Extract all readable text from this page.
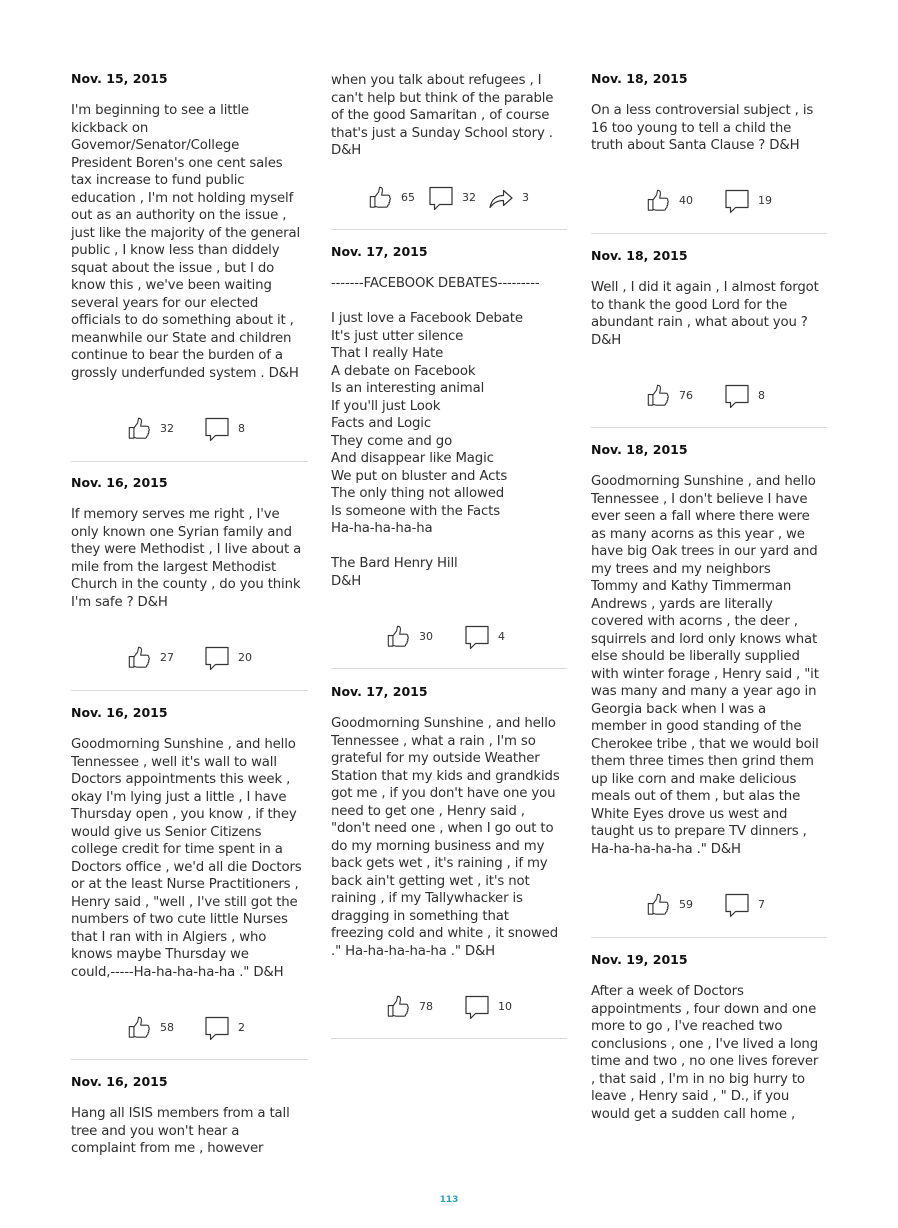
Nov. 15, 2015
I'm beginning to see a little
kickback on
Govemor/Senator/College
President Boren's one cent sales
tax increase to fund public
education , I'm not holding myself
out as an authority on the issue ,
just like the majority of the general
public , I know less than diddely
squat about the issue , but I do
know this , we've been waiting
several years for our elected
officials to do something about it ,
meanwhile our State and children
continue to bear the burden of a
grossly underfunded system . D&H
32	8
Nov. 16, 2015
If memory serves me right , I've
only known one Syrian family and
they were Methodist , I live about a
mile from the largest Methodist
Church in the county , do you think
I'm safe ? D&H
27	20
Nov. 16, 2015
Goodmorning Sunshine , and hello
Tennessee , well it's wall to wall
Doctors appointments this week ,
okay I'm lying just a little , I have
Thursday open , you know , if they
would give us Senior Citizens
college credit for time spent in a
Doctors office , we'd all die Doctors
or at the least Nurse Practitioners ,
Henry said , "well , I've still got the
numbers of two cute little Nurses
that I ran with in Algiers , who
knows maybe Thursday we
could,-----Ha-ha-ha-ha-ha ." D&H
58	2
Nov. 16, 2015
Hang all ISIS members from a tall
tree and you won't hear a
complaint from me , however
when you talk about refugees , I
can't help but think of the parable
of the good Samaritan , of course
that's just a Sunday School story .
D&H
65	32	3
Nov. 17, 2015
-------FACEBOOK DEBATES---------

I just love a Facebook Debate
It's just utter silence
That I really Hate
A debate on Facebook
Is an interesting animal
If you'll just Look
Facts and Logic
They come and go
And disappear like Magic
We put on bluster and Acts
The only thing not allowed
Is someone with the Facts
Ha-ha-ha-ha-ha

The Bard Henry Hill
D&H
30	4
Nov. 17, 2015
Goodmorning Sunshine , and hello
Tennessee , what a rain , I'm so
grateful for my outside Weather
Station that my kids and grandkids
got me , if you don't have one you
need to get one , Henry said ,
"don't need one , when I go out to
do my morning business and my
back gets wet , it's raining , if my
back ain't getting wet , it's not
raining , if my Tallywhacker is
dragging in something that
freezing cold and white , it snowed
." Ha-ha-ha-ha-ha ." D&H
78	10
Nov. 18, 2015
On a less controversial subject , is
16 too young to tell a child the
truth about Santa Clause ? D&H
40	19
Nov. 18, 2015
Well , I did it again , I almost forgot
to thank the good Lord for the
abundant rain , what about you ?
D&H
76	8
Nov. 18, 2015
Goodmorning Sunshine , and hello
Tennessee , I don't believe I have
ever seen a fall where there were
as many acorns as this year , we
have big Oak trees in our yard and
my trees and my neighbors
Tommy and Kathy Timmerman
Andrews , yards are literally
covered with acorns , the deer ,
squirrels and lord only knows what
else should be liberally supplied
with winter forage , Henry said , "it
was many and many a year ago in
Georgia back when I was a
member in good standing of the
Cherokee tribe , that we would boil
them three times then grind them
up like corn and make delicious
meals out of them , but alas the
White Eyes drove us west and
taught us to prepare TV dinners ,
Ha-ha-ha-ha-ha ." D&H
59	7
Nov. 19, 2015
After a week of Doctors
appointments , four down and one
more to go , I've reached two
conclusions , one , I've lived a long
time and two , no one lives forever
, that said , I'm in no big hurry to
leave , Henry said , " D., if you
would get a sudden call home ,
113
